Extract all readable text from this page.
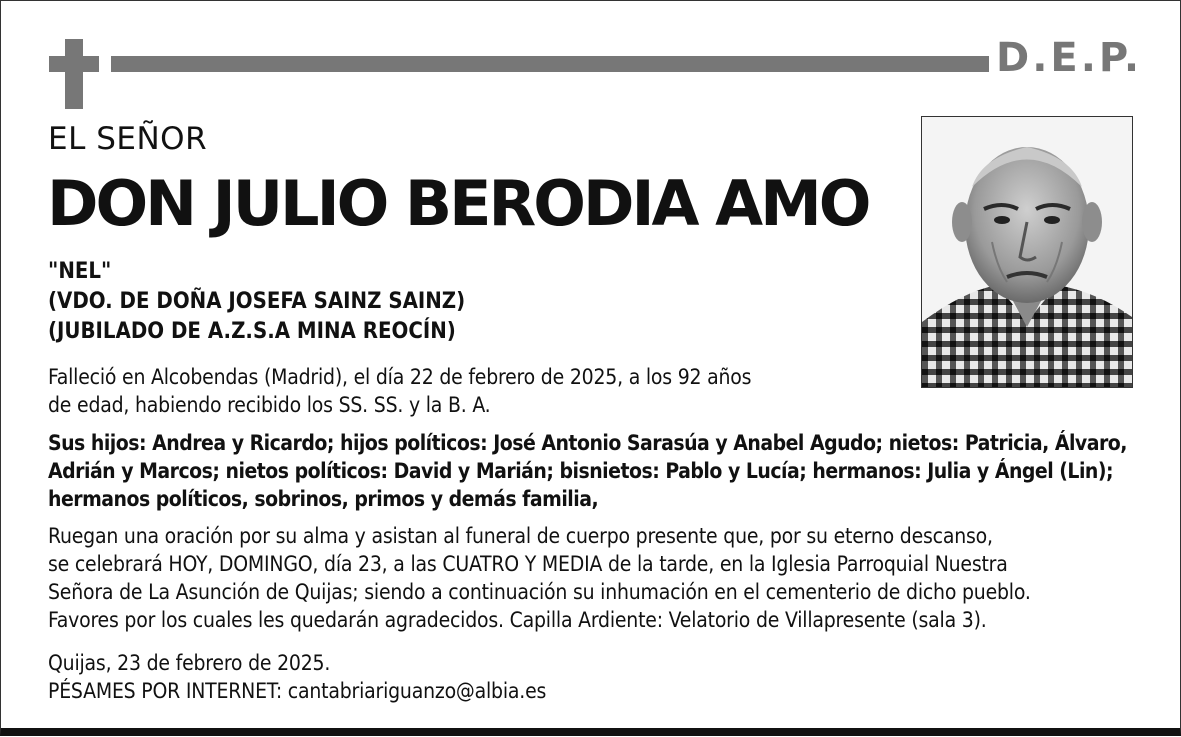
D.E.P.
EL SEÑOR
DON JULIO BERODIA AMO
"NEL"
(VDO. DE DOÑA JOSEFA SAINZ SAINZ)
(JUBILADO DE A.Z.S.A MINA REOCÍN)
Falleció en Alcobendas (Madrid), el día 22 de febrero de 2025, a los 92 años
de edad, habiendo recibido los SS. SS. y la B. A.
Sus hijos: Andrea y Ricardo; hijos políticos: José Antonio Sarasúa y Anabel Agudo; nietos: Patricia, Álvaro,
Adrián y Marcos; nietos políticos: David y Marián; bisnietos: Pablo y Lucía; hermanos: Julia y Ángel (Lin);
hermanos políticos, sobrinos, primos y demás familia,
Ruegan una oración por su alma y asistan al funeral de cuerpo presente que, por su eterno descanso,
se celebrará HOY, DOMINGO, día 23, a las CUATRO Y MEDIA de la tarde, en la Iglesia Parroquial Nuestra
Señora de La Asunción de Quijas; siendo a continuación su inhumación en el cementerio de dicho pueblo.
Favores por los cuales les quedarán agradecidos. Capilla Ardiente: Velatorio de Villapresente (sala 3).
Quijas, 23 de febrero de 2025.
PÉSAMES POR INTERNET: cantabriariguanzo@albia.es
